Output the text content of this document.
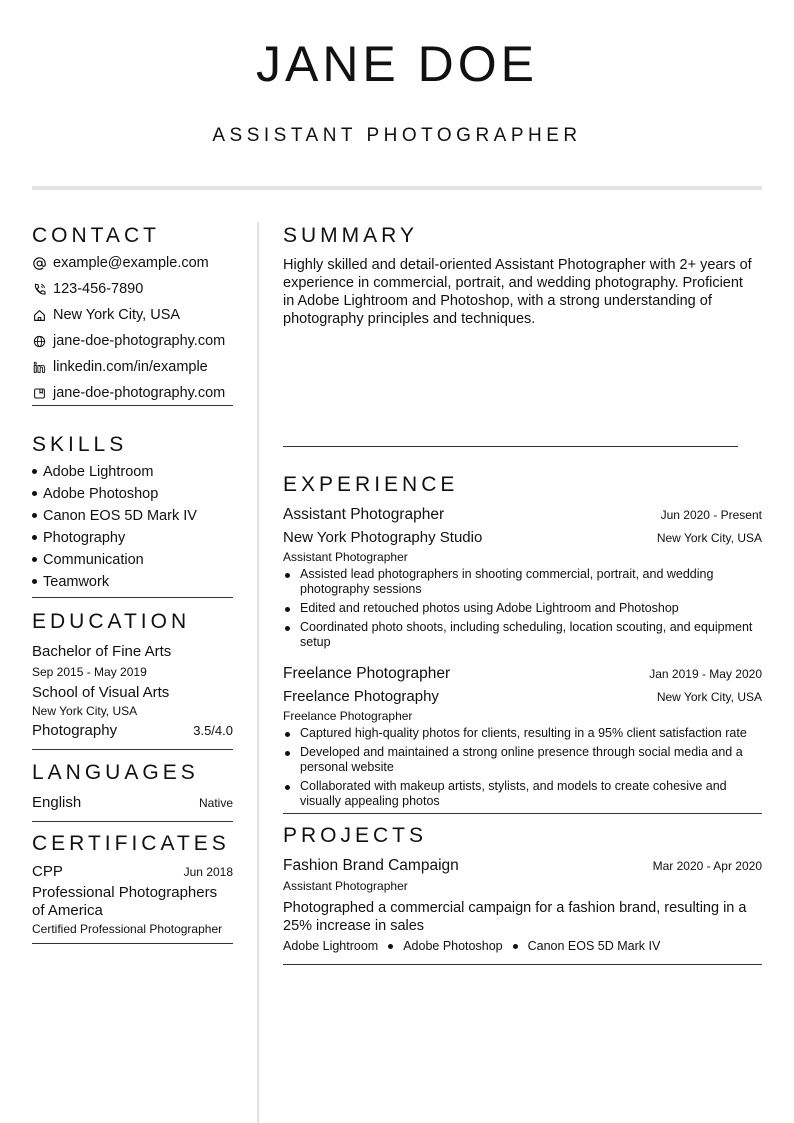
JANE DOE
ASSISTANT PHOTOGRAPHER
CONTACT
example@example.com
123-456-7890
New York City, USA
jane-doe-photography.com
linkedin.com/in/example
jane-doe-photography.com
SKILLS
Adobe Lightroom
Adobe Photoshop
Canon EOS 5D Mark IV
Photography
Communication
Teamwork
EDUCATION
Bachelor of Fine Arts
Sep 2015 - May 2019
School of Visual Arts
New York City, USA
Photography	3.5/4.0
LANGUAGES
English	Native
CERTIFICATES
CPP	Jun 2018
Professional Photographers of America
Certified Professional Photographer
SUMMARY
Highly skilled and detail-oriented Assistant Photographer with 2+ years of experience in commercial, portrait, and wedding photography. Proficient in Adobe Lightroom and Photoshop, with a strong understanding of photography principles and techniques.
EXPERIENCE
Assistant Photographer	Jun 2020 - Present
New York Photography Studio	New York City, USA
Assistant Photographer
Assisted lead photographers in shooting commercial, portrait, and wedding photography sessions
Edited and retouched photos using Adobe Lightroom and Photoshop
Coordinated photo shoots, including scheduling, location scouting, and equipment setup
Freelance Photographer	Jan 2019 - May 2020
Freelance Photography	New York City, USA
Freelance Photographer
Captured high-quality photos for clients, resulting in a 95% client satisfaction rate
Developed and maintained a strong online presence through social media and a personal website
Collaborated with makeup artists, stylists, and models to create cohesive and visually appealing photos
PROJECTS
Fashion Brand Campaign	Mar 2020 - Apr 2020
Assistant Photographer
Photographed a commercial campaign for a fashion brand, resulting in a 25% increase in sales
Adobe Lightroom Adobe Photoshop Canon EOS 5D Mark IV
